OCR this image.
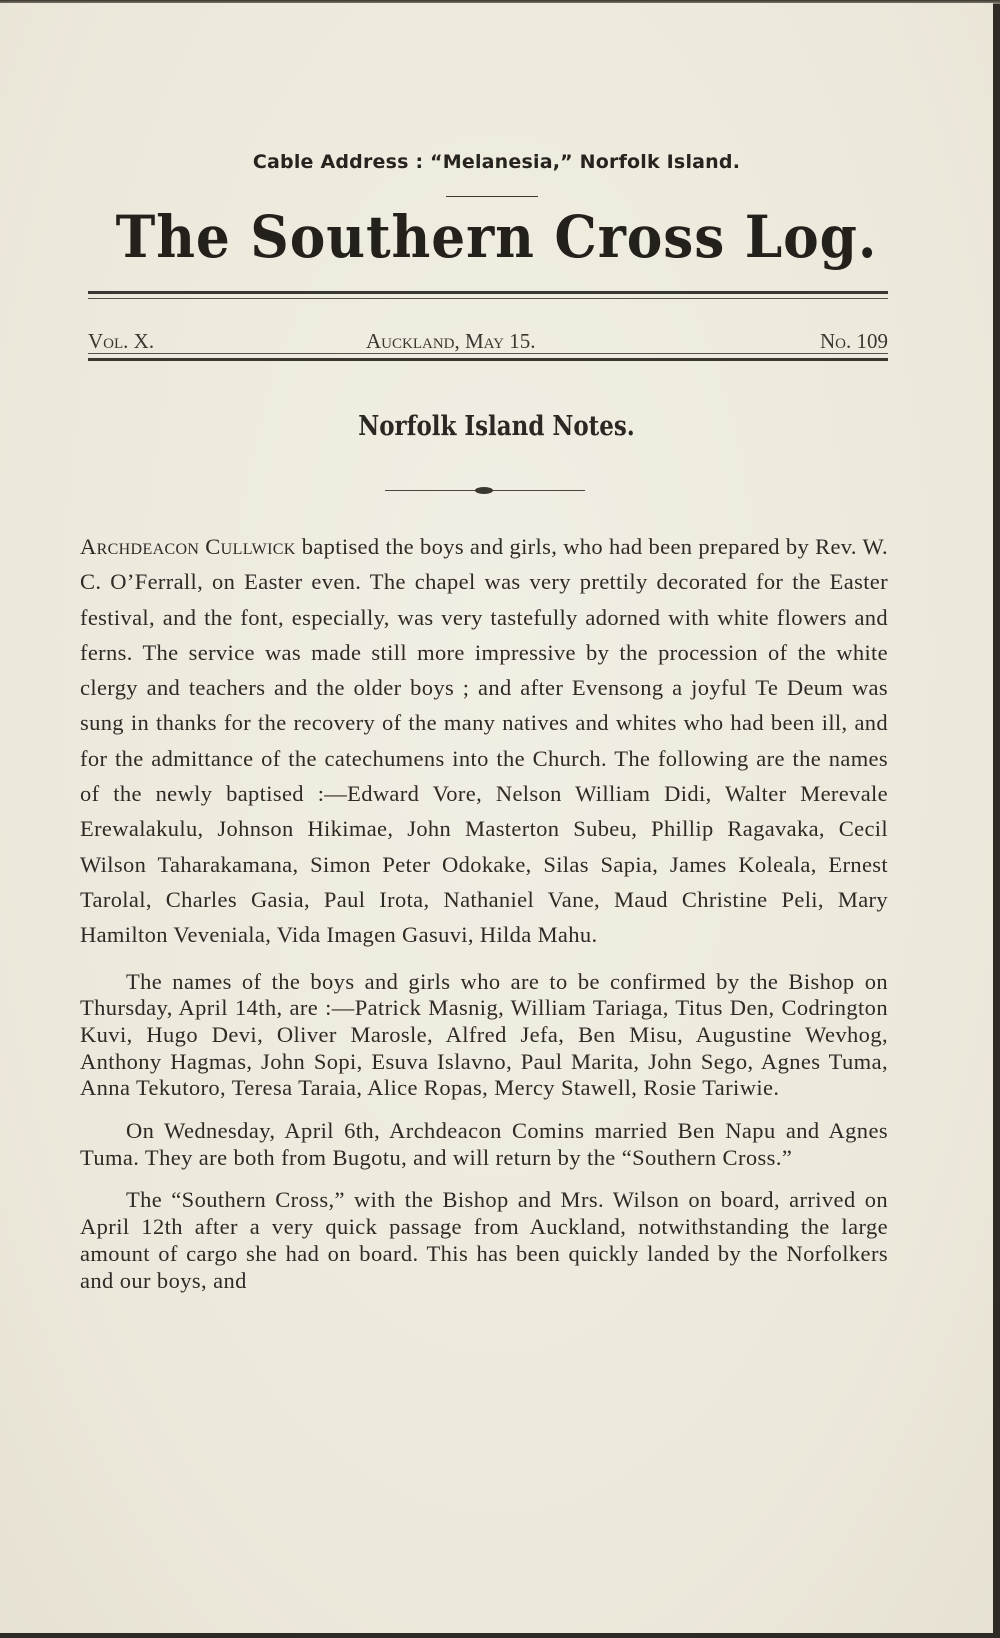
Cable Address : “Melanesia,” Norfolk Island.
The Southern Cross Log.
Vol. X.	Auckland, May 15.	No. 109
Norfolk Island Notes.

Archdeacon Cullwick baptised the boys and girls, who had been prepared by Rev. W. C. O’Ferrall, on Easter even. The chapel was very prettily decorated for the Easter festival, and the font, especially, was very tastefully adorned with white flowers and ferns. The service was made still more impressive by the procession of the white clergy and teachers and the older boys ; and after Evensong a joyful Te Deum was sung in thanks for the recovery of the many natives and whites who had been ill, and for the admittance of the catechumens into the Church. The following are the names of the newly baptised :—Edward Vore, Nelson William Didi, Walter Merevale Erewalakulu, Johnson Hikimae, John Masterton Subeu, Phillip Ragavaka, Cecil Wilson Taharakamana, Simon Peter Odokake, Silas Sapia, James Koleala, Ernest Tarolal, Charles Gasia, Paul Irota, Nathaniel Vane, Maud Christine Peli, Mary Hamilton Veveniala, Vida Imagen Gasuvi, Hilda Mahu.

The names of the boys and girls who are to be confirmed by the Bishop on Thursday, April 14th, are :—Patrick Masnig, William Tariaga, Titus Den, Codrington Kuvi, Hugo Devi, Oliver Marosle, Alfred Jefa, Ben Misu, Augustine Wevhog, Anthony Hagmas, John Sopi, Esuva Islavno, Paul Marita, John Sego, Agnes Tuma, Anna Tekutoro, Teresa Taraia, Alice Ropas, Mercy Stawell, Rosie Tariwie.

On Wednesday, April 6th, Archdeacon Comins married Ben Napu and Agnes Tuma. They are both from Bugotu, and will return by the “Southern Cross.”

The “Southern Cross,” with the Bishop and Mrs. Wilson on board, arrived on April 12th after a very quick passage from Auckland, notwithstanding the large amount of cargo she had on board. This has been quickly landed by the Norfolkers and our boys, and
